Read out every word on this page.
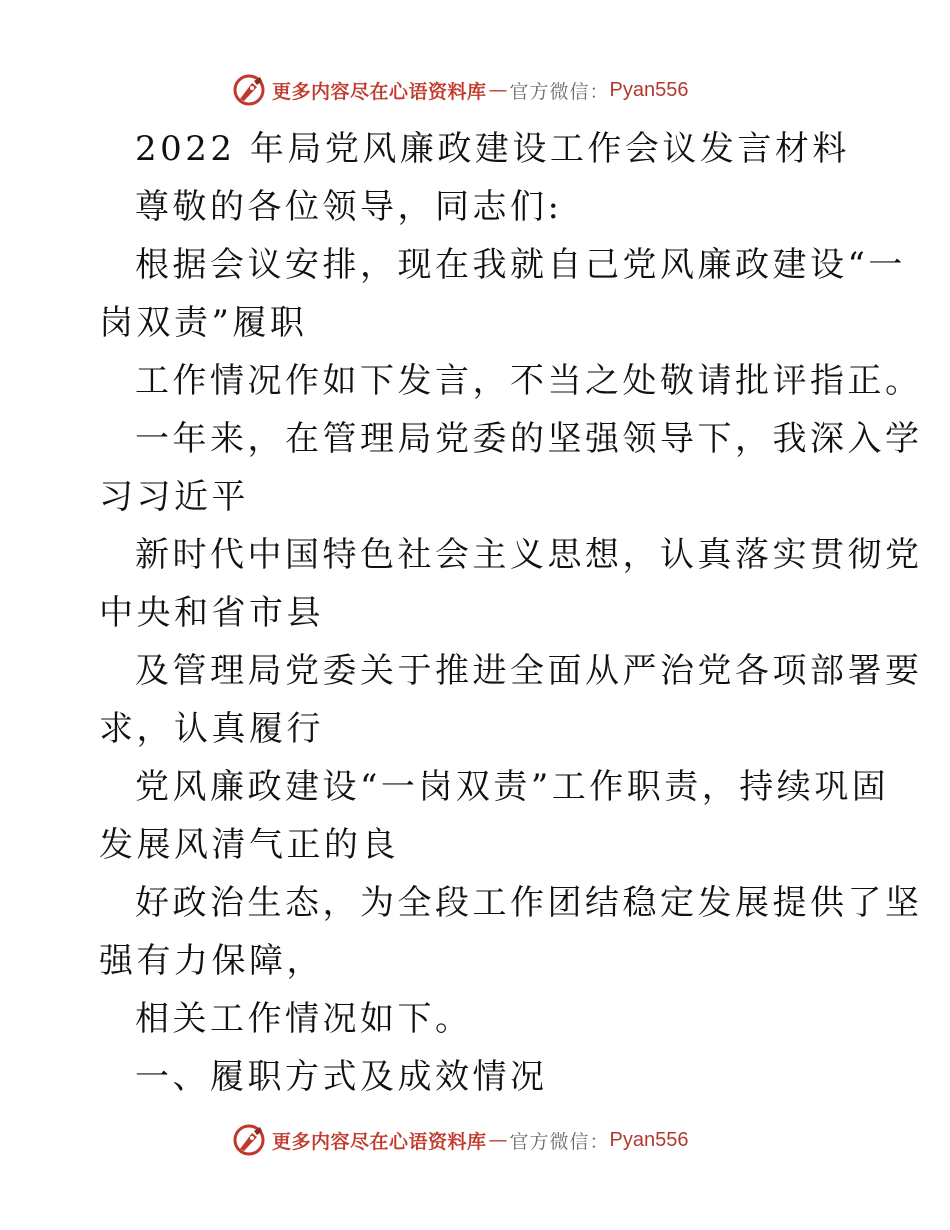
更多内容尽在心语资料库 — 官方微信： Pyan556
2022 年局党风廉政建设工作会议发言材料
尊敬的各位领导，同志们:
根据会议安排，现在我就自己党风廉政建设“一
岗双责”履职
工作情况作如下发言，不当之处敬请批评指正。
一年来，在管理局党委的坚强领导下，我深入学
习习近平
新时代中国特色社会主义思想，认真落实贯彻党
中央和省市县
及管理局党委关于推进全面从严治党各项部署要
求，认真履行
党风廉政建设“一岗双责”工作职责，持续巩固
发展风清气正的良
好政治生态，为全段工作团结稳定发展提供了坚
强有力保障，
相关工作情况如下。
一、履职方式及成效情况
更多内容尽在心语资料库 — 官方微信： Pyan556
